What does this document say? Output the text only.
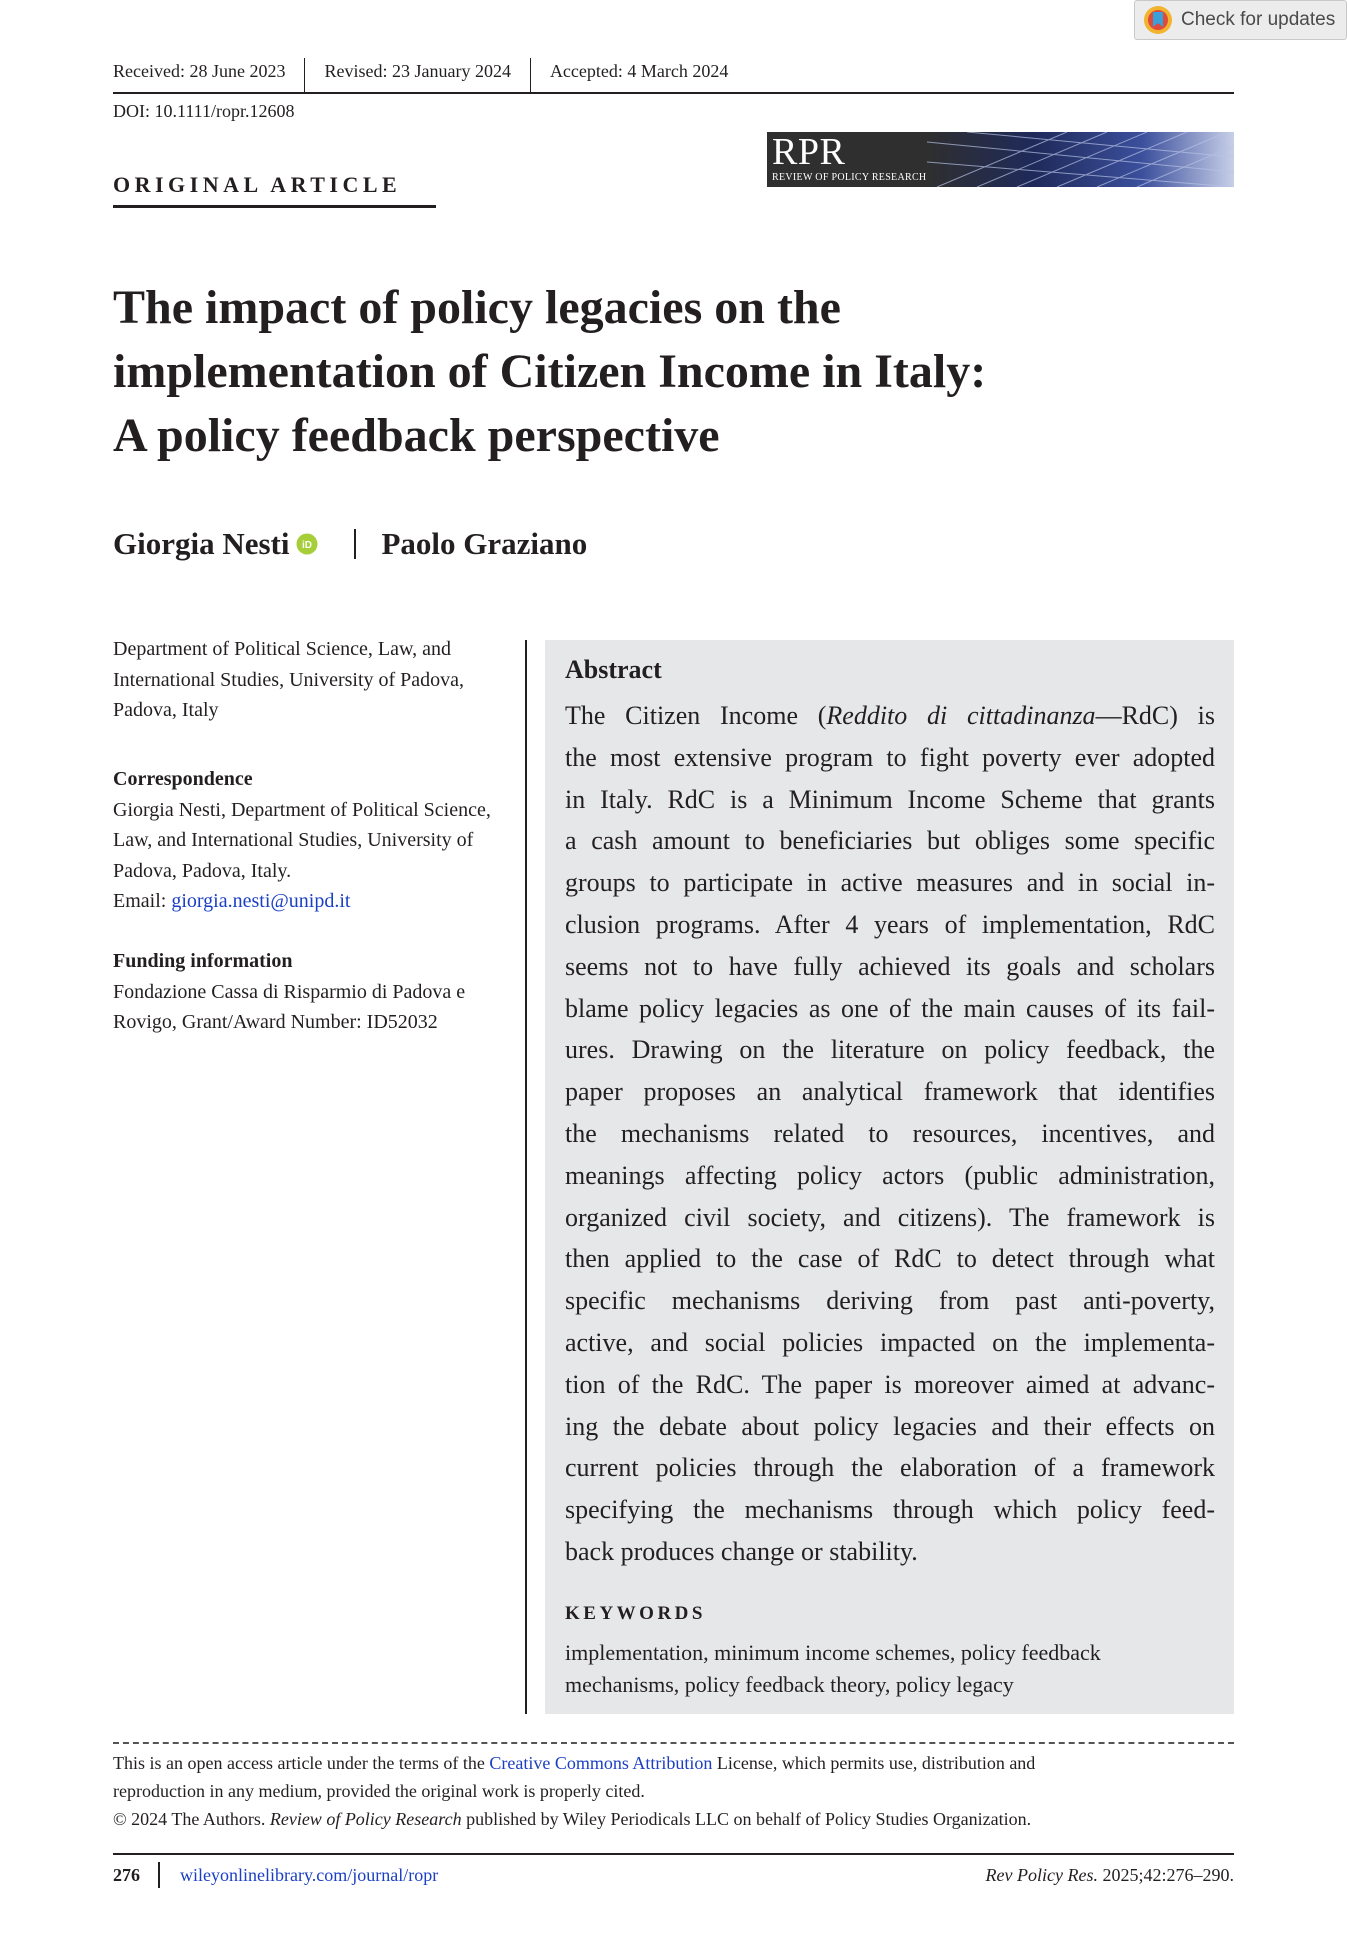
Check for updates
Received: 28 June 2023 Revised: 23 January 2024 Accepted: 4 March 2024
DOI: 10.1111/ropr.12608
ORIGINAL ARTICLE
RPR
REVIEW OF POLICY RESEARCH
The impact of policy legacies on the
implementation of Citizen Income in Italy:
A policy feedback perspective
Giorgia Nesti iD Paolo Graziano
Department of Political Science, Law, and International Studies, University of Padova, Padova, Italy
Correspondence
Giorgia Nesti, Department of Political Science, Law, and International Studies, University of Padova, Padova, Italy.
Email: giorgia.nesti@unipd.it
Funding information
Fondazione Cassa di Risparmio di Padova e Rovigo, Grant/Award Number: ID52032
Abstract
The Citizen Income (Reddito di cittadinanza—RdC) is
the most extensive program to fight poverty ever adopted
in Italy. RdC is a Minimum Income Scheme that grants
a cash amount to beneficiaries but obliges some specific
groups to participate in active measures and in social in-
clusion programs. After 4 years of implementation, RdC
seems not to have fully achieved its goals and scholars
blame policy legacies as one of the main causes of its fail-
ures. Drawing on the literature on policy feedback, the
paper proposes an analytical framework that identifies
the mechanisms related to resources, incentives, and
meanings affecting policy actors (public administration,
organized civil society, and citizens). The framework is
then applied to the case of RdC to detect through what
specific mechanisms deriving from past anti-poverty,
active, and social policies impacted on the implementa-
tion of the RdC. The paper is moreover aimed at advanc-
ing the debate about policy legacies and their effects on
current policies through the elaboration of a framework
specifying the mechanisms through which policy feed-
back produces change or stability.
KEYWORDS
implementation, minimum income schemes, policy feedback
mechanisms, policy feedback theory, policy legacy
This is an open access article under the terms of the Creative Commons Attribution License, which permits use, distribution and
reproduction in any medium, provided the original work is properly cited.
© 2024 The Authors. Review of Policy Research published by Wiley Periodicals LLC on behalf of Policy Studies Organization.
276 wileyonlinelibrary.com/journal/ropr	Rev Policy Res. 2025;42:276–290.
